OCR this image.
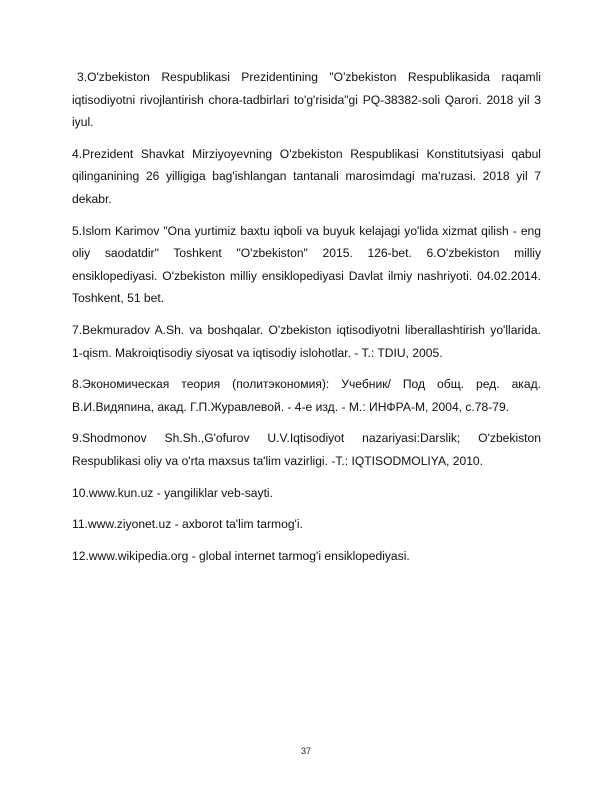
3.O'zbekiston Respublikasi Prezidentining "O'zbekiston Respublikasida raqamli iqtisodiyotni rivojlantirish chora-tadbirlari to'g'risida"gi PQ-38382-soli Qarori. 2018 yil 3 iyul.

4.Prezident Shavkat Mirziyoyevning O'zbekiston Respublikasi Konstitutsiyasi qabul qilinganining 26 yilligiga bag'ishlangan tantanali marosimdagi ma'ruzasi. 2018 yil 7 dekabr.

5.Islom Karimov "Ona yurtimiz baxtu iqboli va buyuk kelajagi yo'lida xizmat qilish - eng oliy saodatdir" Toshkent "O'zbekiston" 2015. 126-bet. 6.O'zbekiston milliy ensiklopediyasi. O'zbekiston milliy ensiklopediyasi Davlat ilmiy nashriyoti. 04.02.2014. Toshkent, 51 bet.

7.Bekmuradov A.Sh. va boshqalar. O'zbekiston iqtisodiyotni liberallashtirish yo'llarida. 1-qism. Makroiqtisodiy siyosat va iqtisodiy islohotlar. - T.: TDIU, 2005.

8.Экономическая теория (политэкономия): Учебник/ Под общ. ред. акад. В.И.Видяпина, акад. Г.П.Журавлевой. - 4-е изд. - М.: ИНФРА-М, 2004, с.78-79.

9.Shodmonov Sh.Sh.,G'ofurov U.V.Iqtisodiyot nazariyasi:Darslik; O'zbekiston Respublikasi oliy va o'rta maxsus ta'lim vazirligi. -T.: IQTISODMOLIYA, 2010.

10.www.kun.uz - yangiliklar veb-sayti.

11.www.ziyonet.uz - axborot ta'lim tarmog'i.

12.www.wikipedia.org - global internet tarmog'i ensiklopediyasi.

37
